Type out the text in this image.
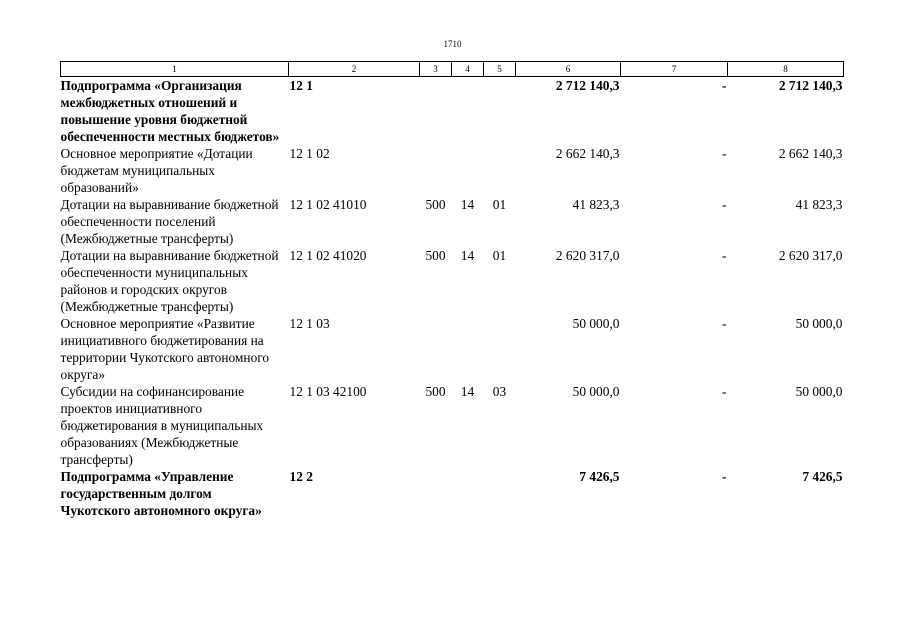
1710
1	2	3	4	5	6	7	8
Подпрограмма «Организация межбюджетных отношений и повышение уровня бюджетной обеспеченности местных бюджетов»	12 1				2 712 140,3	-	2 712 140,3
Основное мероприятие «Дотации бюджетам муниципальных образований»	12 1 02				2 662 140,3	-	2 662 140,3
Дотации на выравнивание бюджетной обеспеченности поселений (Межбюджетные трансферты)	12 1 02 41010	500	14	01	41 823,3	-	41 823,3
Дотации на выравнивание бюджетной обеспеченности муниципальных районов и городских округов (Межбюджетные трансферты)	12 1 02 41020	500	14	01	2 620 317,0	-	2 620 317,0
Основное мероприятие «Развитие инициативного бюджетирования на территории Чукотского автономного округа»	12 1 03				50 000,0	-	50 000,0
Субсидии на софинансирование проектов инициативного бюджетирования в муниципальных образованиях (Межбюджетные трансферты)	12 1 03 42100	500	14	03	50 000,0	-	50 000,0
Подпрограмма «Управление государственным долгом Чукотского автономного округа»	12 2				7 426,5	-	7 426,5
